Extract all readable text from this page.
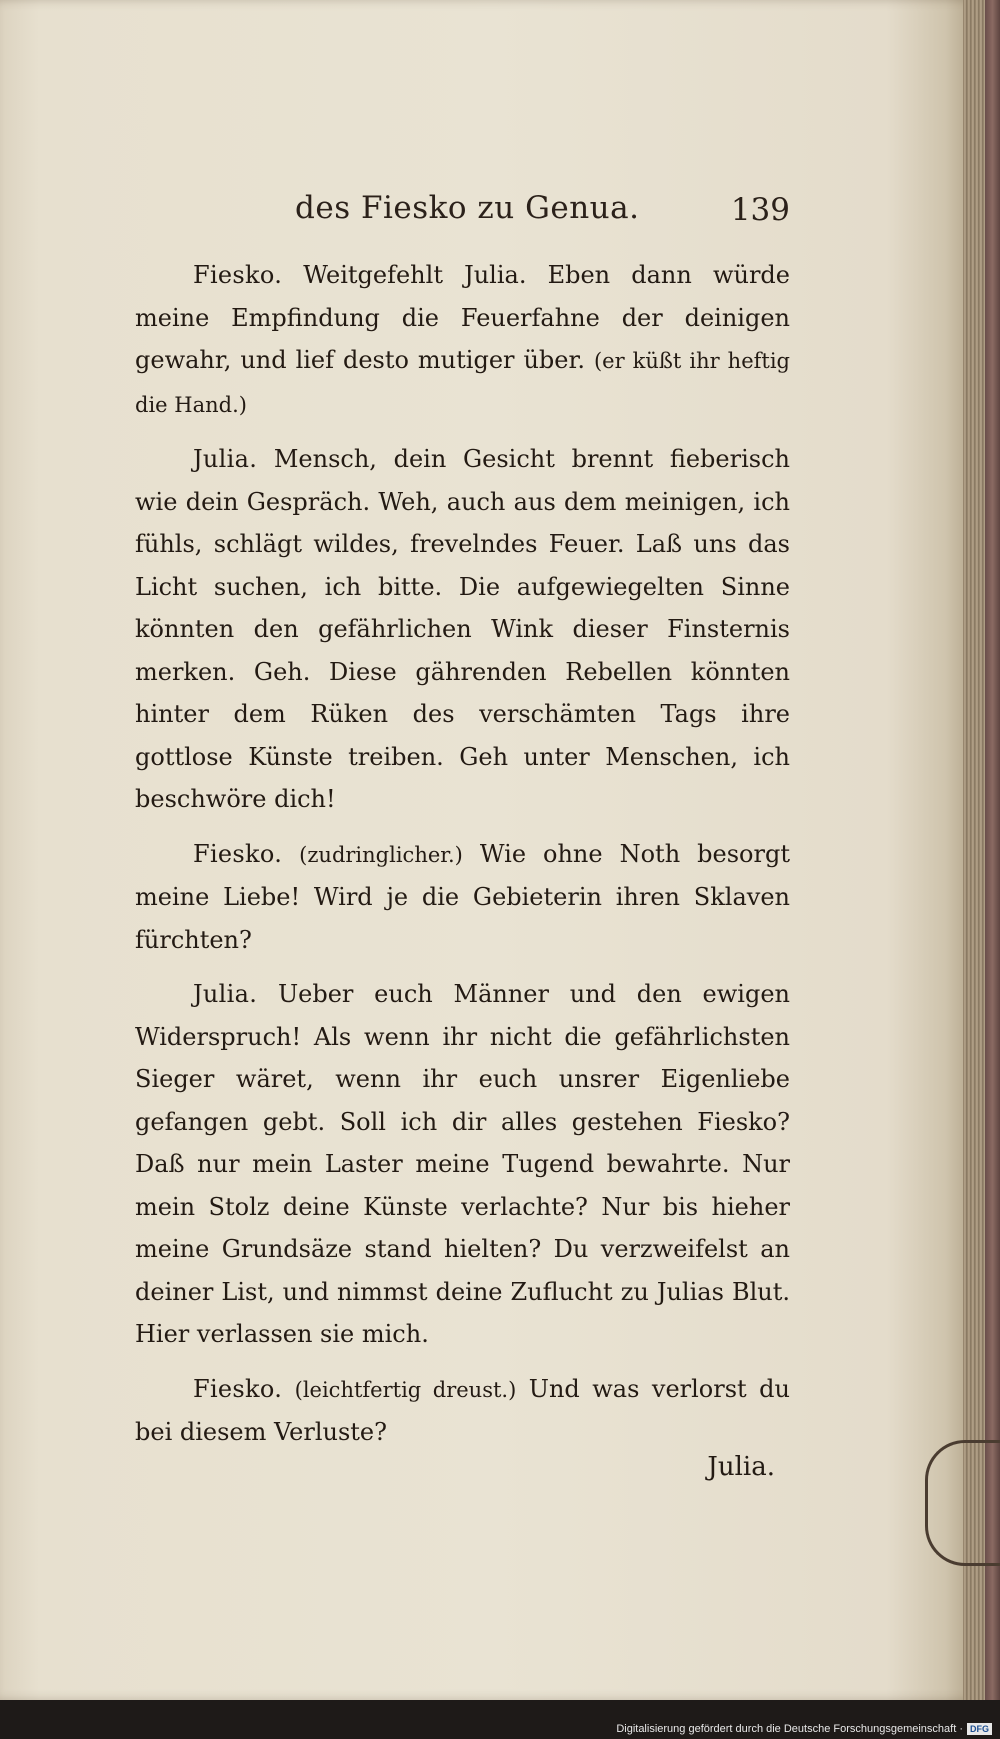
des Fiesko zu Genua.	139

Fiesko. Weitgefehlt Julia. Eben dann würde meine Empfindung die Feuerfahne der deinigen gewahr, und lief desto mutiger über. (er küßt ihr heftig die Hand.)

Julia. Mensch, dein Gesicht brennt fieberisch wie dein Gespräch. Weh, auch aus dem meinigen, ich fühls, schlägt wildes, frevelndes Feuer. Laß uns das Licht suchen, ich bitte. Die aufgewiegelten Sinne könnten den gefährlichen Wink dieser Finsternis merken. Geh. Diese gährenden Rebellen könnten hinter dem Rüken des verschämten Tags ihre gottlose Künste treiben. Geh unter Menschen, ich beschwöre dich!

Fiesko. (zudringlicher.) Wie ohne Noth besorgt meine Liebe! Wird je die Gebieterin ihren Sklaven fürchten?

Julia. Ueber euch Männer und den ewigen Widerspruch! Als wenn ihr nicht die gefährlichsten Sieger wäret, wenn ihr euch unsrer Eigenliebe gefangen gebt. Soll ich dir alles gestehen Fiesko? Daß nur mein Laster meine Tugend bewahrte. Nur mein Stolz deine Künste verlachte? Nur bis hieher meine Grundsäze stand hielten? Du verzweifelst an deiner List, und nimmst deine Zuflucht zu Julias Blut. Hier verlassen sie mich.

Fiesko. (leichtfertig dreust.) Und was verlorst du bei diesem Verluste?

Julia.
Digitalisierung gefördert durch die Deutsche Forschungsgemeinschaft · DFG
